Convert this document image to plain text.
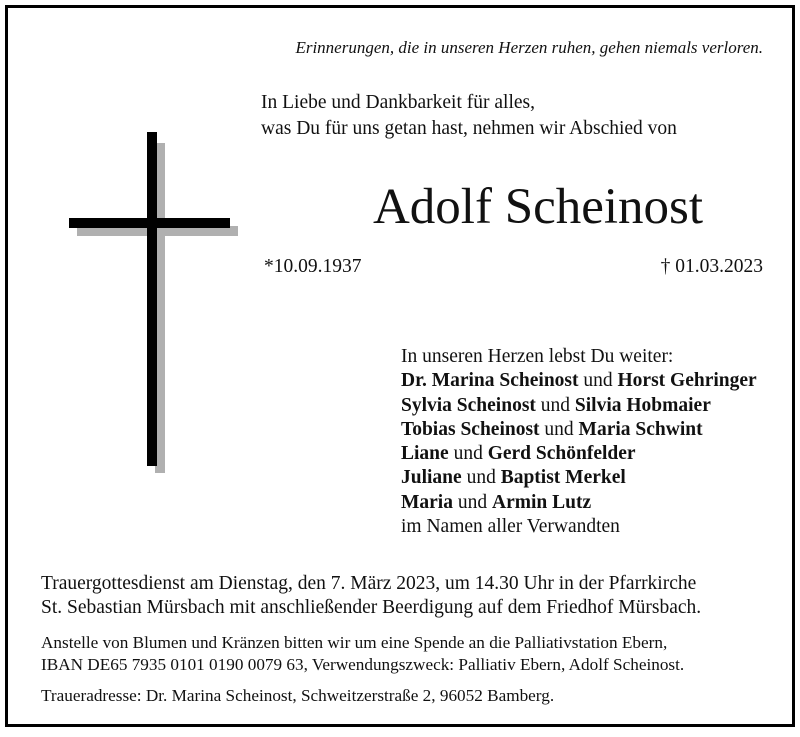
Erinnerungen, die in unseren Herzen ruhen, gehen niemals verloren.
In Liebe und Dankbarkeit für alles,
was Du für uns getan hast, nehmen wir Abschied von
Adolf Scheinost
*10.09.1937	† 01.03.2023
In unseren Herzen lebst Du weiter:
Dr. Marina Scheinost und Horst Gehringer
Sylvia Scheinost und Silvia Hobmaier
Tobias Scheinost und Maria Schwint
Liane und Gerd Schönfelder
Juliane und Baptist Merkel
Maria und Armin Lutz
im Namen aller Verwandten
Trauergottesdienst am Dienstag, den 7. März 2023, um 14.30 Uhr in der Pfarrkirche
St. Sebastian Mürsbach mit anschließender Beerdigung auf dem Friedhof Mürsbach.
Anstelle von Blumen und Kränzen bitten wir um eine Spende an die Palliativstation Ebern,
IBAN DE65 7935 0101 0190 0079 63, Verwendungszweck: Palliativ Ebern, Adolf Scheinost.
Traueradresse: Dr. Marina Scheinost, Schweitzerstraße 2, 96052 Bamberg.
